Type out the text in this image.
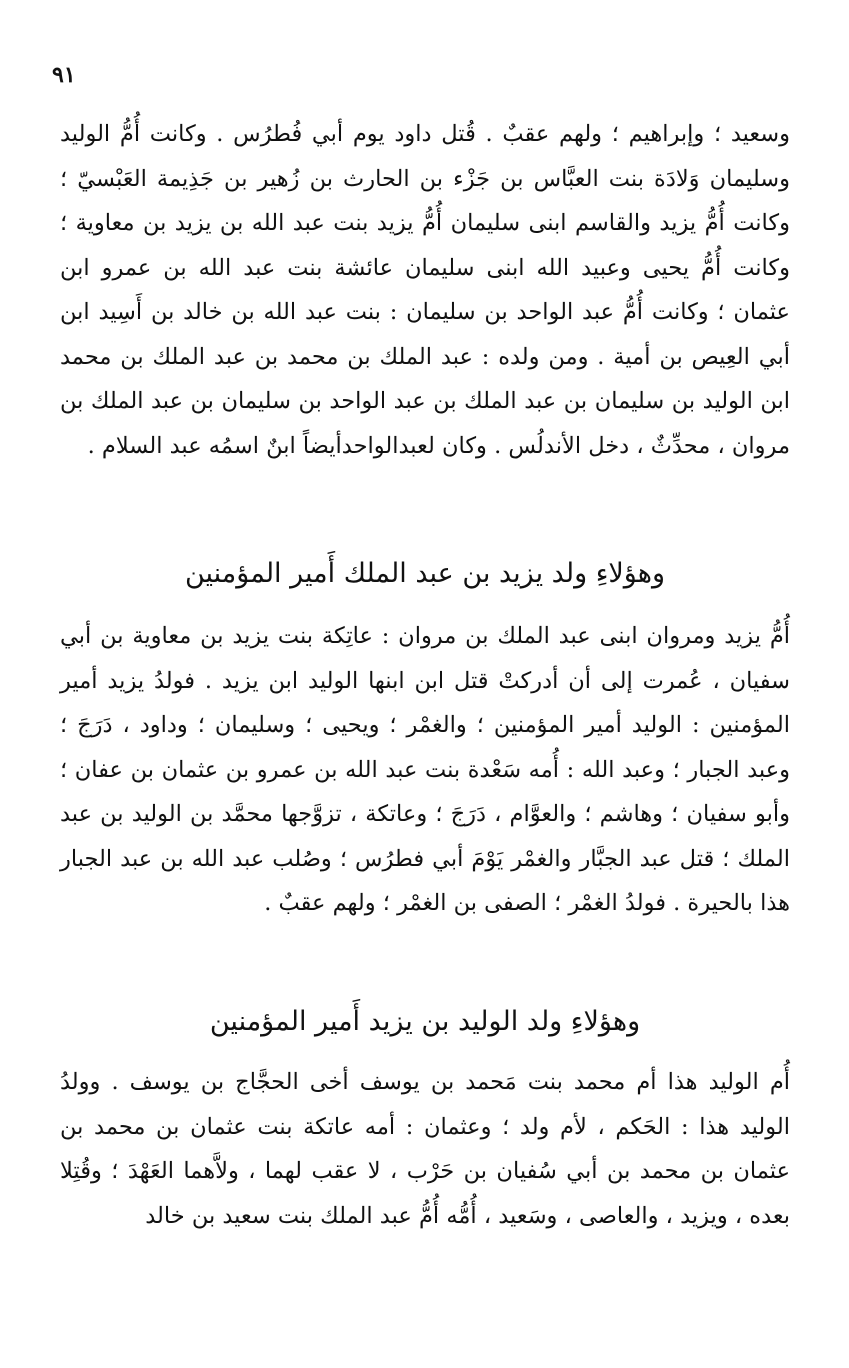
٩١

وسعيد ؛ وإبراهيم ؛ ولهم عقبٌ . قُتل داود يوم أبي فُطرُس . وكانت أُمُّ الوليد وسليمان وَلادَة بنت العبَّاس بن جَزْء بن الحارث بن زُهير بن جَذِيمة العَبْسيّ ؛ وكانت أُمُّ يزيد والقاسم ابنى سليمان أُمُّ يزيد بنت عبد الله بن يزيد بن معاوية ؛ وكانت أُمُّ يحيى وعبيد الله ابنى سليمان عائشة بنت عبد الله بن عمرو ابن عثمان ؛ وكانت أُمُّ عبد الواحد بن سليمان : بنت عبد الله بن خالد بن أَسِيد ابن أبي العِيص بن أمية . ومن ولده : عبد الملك بن محمد بن عبد الملك بن محمد ابن الوليد بن سليمان بن عبد الملك بن عبد الواحد بن سليمان بن عبد الملك بن مروان ، محدِّثٌ ، دخل الأندلُس . وكان لعبدالواحدأيضاً ابنٌ اسمُه عبد السلام .

وهؤلاءِ ولد يزيد بن عبد الملك أَمير المؤمنين

أُمُّ يزيد ومروان ابنى عبد الملك بن مروان : عاتِكة بنت يزيد بن معاوية بن أبي سفيان ، عُمرت إلى أن أدركتْ قتل ابن ابنها الوليد ابن يزيد . فولدُ يزيد أمير المؤمنين : الوليد أمير المؤمنين ؛ والغمْر ؛ ويحيى ؛ وسليمان ؛ وداود ، دَرَجَ ؛ وعبد الجبار ؛ وعبد الله : أُمه سَعْدة بنت عبد الله بن عمرو بن عثمان بن عفان ؛ وأبو سفيان ؛ وهاشم ؛ والعوَّام ، دَرَجَ ؛ وعاتكة ، تزوَّجها محمَّد بن الوليد بن عبد الملك ؛ قتل عبد الجبَّار والغمْر يَوْمَ أبي فطرُس ؛ وصُلب عبد الله بن عبد الجبار هذا بالحيرة . فولدُ الغمْر ؛ الصفى بن الغمْر ؛ ولهم عقبٌ .

وهؤلاءِ ولد الوليد بن يزيد أَمير المؤمنين

أُم الوليد هذا أم محمد بنت مَحمد بن يوسف أخى الحجَّاج بن يوسف . وولدُ الوليد هذا : الحَكم ، لأم ولد ؛ وعثمان : أمه عاتكة بنت عثمان بن محمد بن عثمان بن محمد بن أبي سُفيان بن حَرْب ، لا عقب لهما ، ولاَّهما العَهْدَ ؛ وقُتِلا بعده ، ويزيد ، والعاصى ، وسَعيد ، أُمُّه أُمُّ عبد الملك بنت سعيد بن خالد
